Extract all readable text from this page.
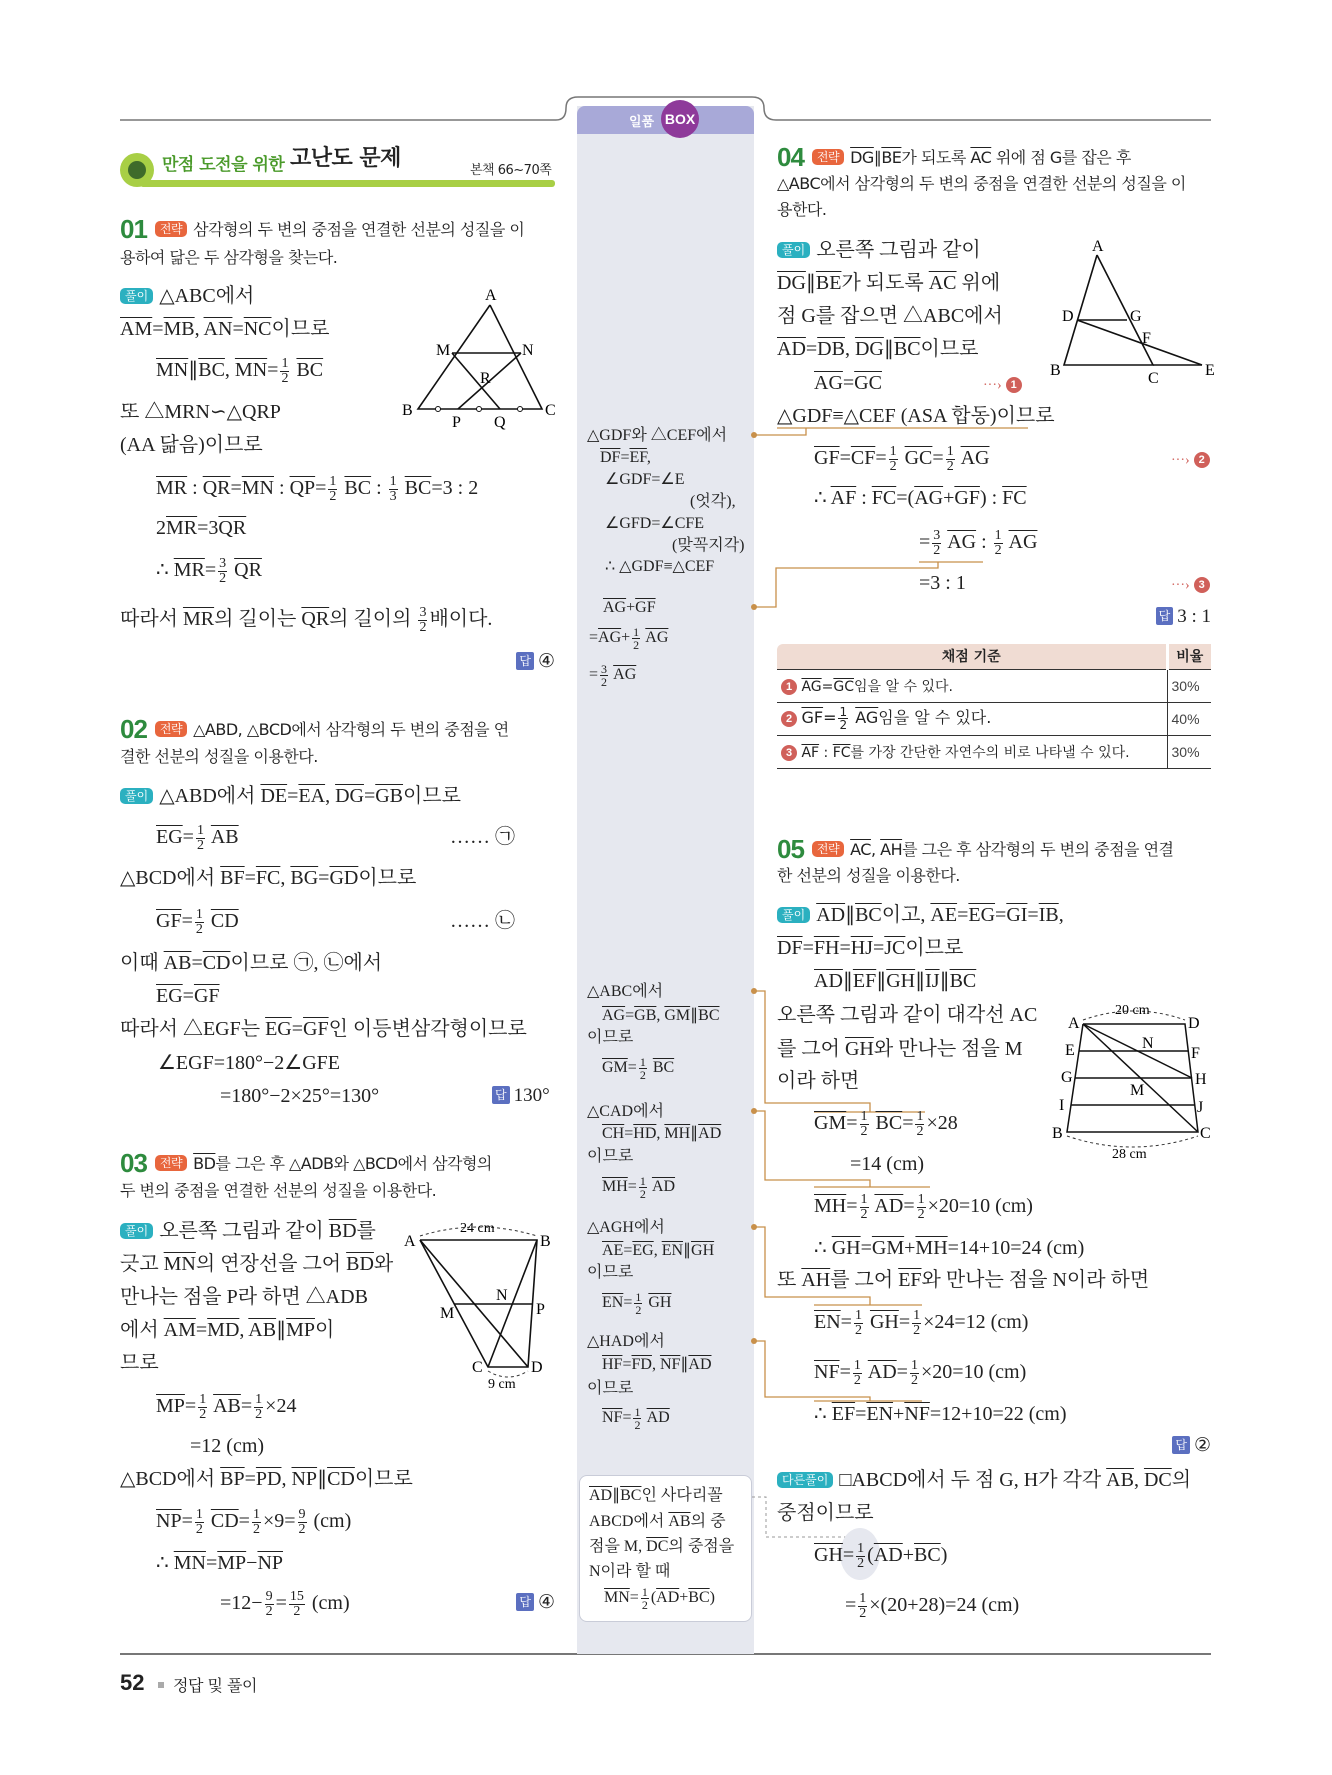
일품 BOX
만점 도전을 위한 고난도 문제	본책 66~70쪽
01 전략 삼각형의 두 변의 중점을 연결한 선분의 성질을 이
용하여 닮은 두 삼각형을 찾는다.
풀이 △ABC에서
$\overline{AM}=\overline{MB}$, $\overline{AN}=\overline{NC}$이므로
$\overline{MN}\parallel\overline{BC}$, $\overline{MN}= \frac{1}{2} \overline{BC}$
또 △MRN∽△QRP
(AA 닮음)이므로
$\overline{MR}$ : $\overline{QR}=\overline{MN}$ : $\overline{QP}= \frac{1}{2} \overline{BC}$ : $\frac{1}{3} \overline{BC}=3$ : 2
$2\overline{MR}=3\overline{QR}$
∴ $\overline{MR}= \frac{3}{2} \overline{QR}$
따라서 $\overline{MR}$의 길이는 $\overline{QR}$의 길이의 $\frac{3}{2}$ 배이다.
답 ④
A
B	C
M	N
R
P Q
02 전략 △ABD, △BCD에서 삼각형의 두 변의 중점을 연
결한 선분의 성질을 이용한다.
풀이 △ABD에서 $\overline{DE}=\overline{EA}$, $\overline{DG}=\overline{GB}$이므로
$\overline{EG}= \frac{1}{2} \overline{AB}$	…… ㉠
△BCD에서 $\overline{BF}=\overline{FC}$, $\overline{BG}=\overline{GD}$이므로
$\overline{GF}= \frac{1}{2} \overline{CD}$	…… ㉡
이때 $\overline{AB}=\overline{CD}$이므로 ㉠, ㉡에서
$\overline{EG}=\overline{GF}$
따라서 △EGF는 $\overline{EG}=\overline{GF}$인 이등변삼각형이므로
∠EGF=180°−2∠GFE
=180°−2×25°=130°	답 130°
03 전략 $\overline{BD}$를 그은 후 △ADB와 △BCD에서 삼각형의
두 변의 중점을 연결한 선분의 성질을 이용한다.
풀이 오른쪽 그림과 같이 $\overline{BD}$를
긋고 $\overline{MN}$의 연장선을 그어 $\overline{BD}$와
만나는 점을 P라 하면 △ADB
에서 $\overline{AM}=\overline{MD}$, $\overline{AB}\parallel\overline{MP}$이
므로
$\overline{MP}= \frac{1}{2} \overline{AB}= \frac{1}{2} \times 24$
=12 (cm)
△BCD에서 $\overline{BP}=\overline{PD}$, $\overline{NP}\parallel\overline{CD}$이므로
$\overline{NP}= \frac{1}{2} \overline{CD}= \frac{1}{2} \times 9= \frac{9}{2} (cm)$
∴ $\overline{MN}=\overline{MP}-\overline{NP}$
$=12- \frac{9}{2} = \frac{15}{2} (cm)$	답 ④
A	B
C	D
M
N
P
24 cm
9 cm
△GDF와 △CEF에서
$\overline{DF}=\overline{EF}$,
∠GDF=∠E
(엇각),
∠GFD=∠CFE
(맞꼭지각)
∴ △GDF≡△CEF
$\overline{AG}+\overline{GF}$
$=\overline{AG}+ \frac{1}{2} \overline{AG}$
= $\frac{3}{2} \overline{AG}$
△ABC에서
$\overline{AG}=\overline{GB}$, $\overline{GM}\parallel\overline{BC}$
이므로
$\overline{GM}= \frac{1}{2} \overline{BC}$
△CAD에서
$\overline{CH}=\overline{HD}$, $\overline{MH}\parallel\overline{AD}$
이므로
$\overline{MH}= \frac{1}{2} \overline{AD}$
△AGH에서
$\overline{AE}=\overline{EG}$, $\overline{EN}\parallel\overline{GH}$
이므로
$\overline{EN}= \frac{1}{2} \overline{GH}$
△HAD에서
$\overline{HF}=\overline{FD}$, $\overline{NF}\parallel\overline{AD}$
이므로
$\overline{NF}= \frac{1}{2} \overline{AD}$
$\overline{AD}\parallel\overline{BC}$인 사다리꼴
ABCD에서 $\overline{AB}$의 중
점을 M, $\overline{DC}$의 중점을
N이라 할 때
$\overline{MN}= \frac{1}{2} (\overline{AD}+\overline{BC})$
04 전략 $\overline{DG}\parallel\overline{BE}$가 되도록 $\overline{AC}$ 위에 점 G를 잡은 후
△ABC에서 삼각형의 두 변의 중점을 연결한 선분의 성질을 이
용한다.
풀이 오른쪽 그림과 같이
$\overline{DG}\parallel\overline{BE}$가 되도록 $\overline{AC}$ 위에
점 G를 잡으면 △ABC에서
$\overline{AD}=\overline{DB}$, $\overline{DG}\parallel\overline{BC}$이므로
$\overline{AG}=\overline{GC}$	···› 1
△GDF≡△CEF (ASA 합동)이므로
$\overline{GF}=\overline{CF}= \frac{1}{2} \overline{GC}= \frac{1}{2} \overline{AG}$	···› 2
∴ $\overline{AF}$ : $\overline{FC}=(\overline{AG}+\overline{GF})$ : $\overline{FC}$
= $\frac{3}{2} \overline{AG}$ : $\frac{1}{2} \overline{AG}$
=3 : 1	···› 3
답 3 : 1
A
B	C
D
E
F
G
채점 기준	비율
1 $\overline{AG}=\overline{GC}$임을 알 수 있다.	30%
2 $\overline{GF}= \frac{1}{2} \overline{AG}$임을 알 수 있다.	40%
3 $\overline{AF}$ : $\overline{FC}$를 가장 간단한 자연수의 비로 나타낼 수 있다.	30%
05 전략 $\overline{AC}$, $\overline{AH}$를 그은 후 삼각형의 두 변의 중점을 연결
한 선분의 성질을 이용한다.
풀이 $\overline{AD}\parallel\overline{BC}$이고, $\overline{AE}=\overline{EG}=\overline{GI}=\overline{IB}$,
$\overline{DF}=\overline{FH}=\overline{HJ}=\overline{JC}$이므로
$\overline{AD}\parallel\overline{EF}\parallel\overline{GH}\parallel\overline{IJ}\parallel\overline{BC}$
오른쪽 그림과 같이 대각선 AC
를 그어 $\overline{GH}$와 만나는 점을 M
이라 하면
$\overline{GM}= \frac{1}{2} \overline{BC}= \frac{1}{2} \times 28$
=14 (cm)
$\overline{MH}= \frac{1}{2} \overline{AD}= \frac{1}{2} \times 20=10$ (cm)
∴ $\overline{GH}=\overline{GM}+\overline{MH}=14+10=24$ (cm)
또 $\overline{AH}$를 그어 $\overline{EF}$와 만나는 점을 N이라 하면
$\overline{EN}= \frac{1}{2} \overline{GH}= \frac{1}{2} \times 24=12$ (cm)
$\overline{NF}= \frac{1}{2} \overline{AD}= \frac{1}{2} \times 20=10$ (cm)
∴ $\overline{EF}=\overline{EN}+\overline{NF}=12+10=22$ (cm)
답 ②
다른풀이 □ABCD에서 두 점 G, H가 각각 $\overline{AB}$, $\overline{DC}$의
중점이므로
$\overline{GH}= \frac{1}{2} (\overline{AD}+\overline{BC})$
= $\frac{1}{2} \times(20+28)=24$ (cm)
A	D
B	C
E	F
G	H
I	J
N
M
20 cm
28 cm
52 정답 및 풀이
